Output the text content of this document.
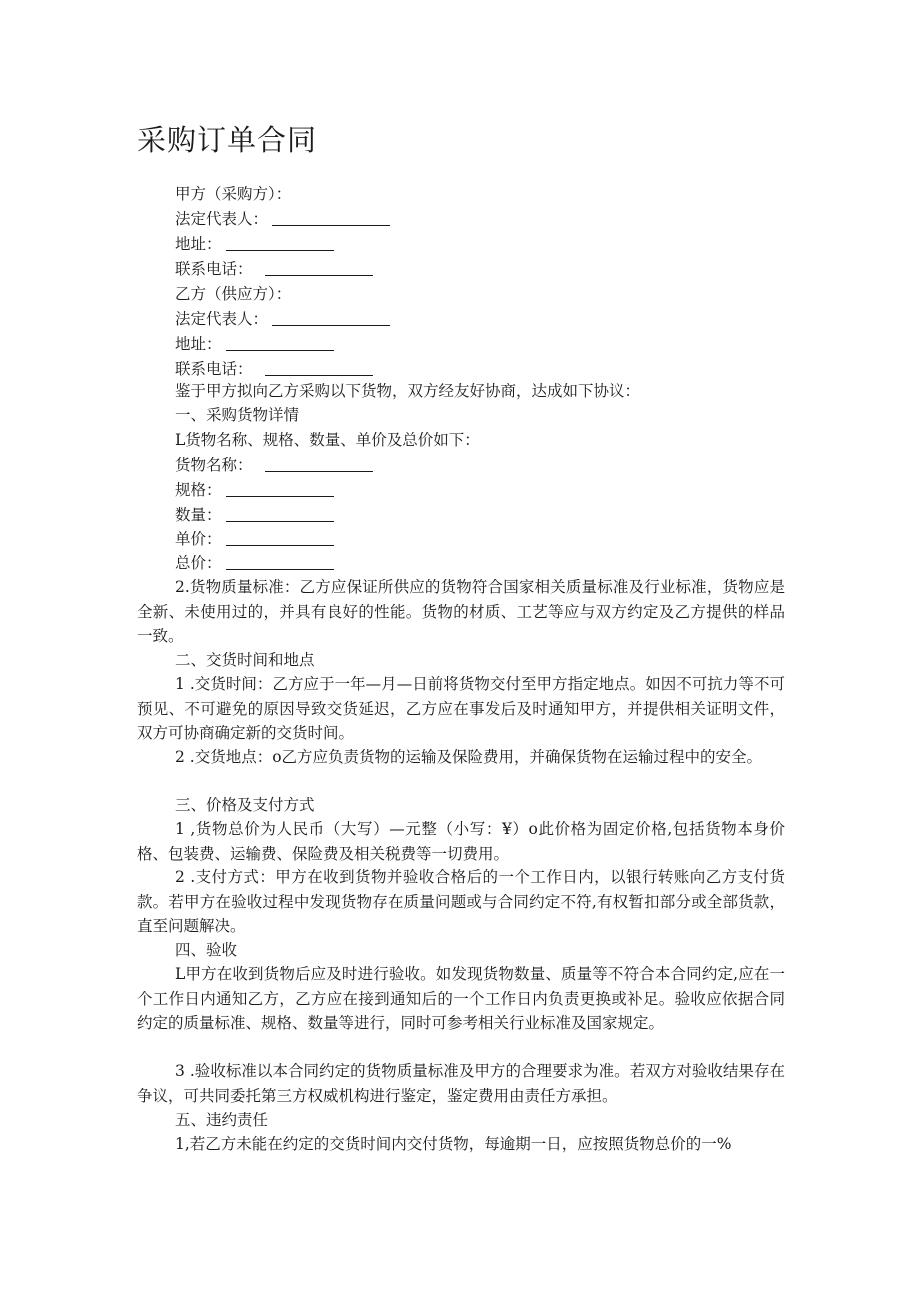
采购订单合同
甲方（采购方）：
法定代表人：
地址：
联系电话：
乙方（供应方）：
法定代表人：
地址：
联系电话：
鉴于甲方拟向乙方采购以下货物，双方经友好协商，达成如下协议：
一、采购货物详情
L货物名称、规格、数量、单价及总价如下：
货物名称：
规格：
数量：
单价：
总价：
2.货物质量标准：乙方应保证所供应的货物符合国家相关质量标准及行业标准，货物应是全新、未使用过的，并具有良好的性能。货物的材质、工艺等应与双方约定及乙方提供的样品一致。
二、交货时间和地点
1 .交货时间：乙方应于一年—月—日前将货物交付至甲方指定地点。如因不可抗力等不可预见、不可避免的原因导致交货延迟，乙方应在事发后及时通知甲方，并提供相关证明文件，双方可协商确定新的交货时间。
2 .交货地点：o乙方应负责货物的运输及保险费用，并确保货物在运输过程中的安全。
三、价格及支付方式
1 ,货物总价为人民币（大写）—元整（小写：¥）o此价格为固定价格,包括货物本身价格、包装费、运输费、保险费及相关税费等一切费用。
2 .支付方式：甲方在收到货物并验收合格后的一个工作日内，以银行转账向乙方支付货款。若甲方在验收过程中发现货物存在质量问题或与合同约定不符,有权暂扣部分或全部货款，直至问题解决。
四、验收
L甲方在收到货物后应及时进行验收。如发现货物数量、质量等不符合本合同约定,应在一个工作日内通知乙方，乙方应在接到通知后的一个工作日内负责更换或补足。验收应依据合同约定的质量标准、规格、数量等进行，同时可参考相关行业标准及国家规定。
3 .验收标准以本合同约定的货物质量标准及甲方的合理要求为准。若双方对验收结果存在争议，可共同委托第三方权威机构进行鉴定，鉴定费用由责任方承担。
五、违约责任
1,若乙方未能在约定的交货时间内交付货物，每逾期一日，应按照货物总价的一%
